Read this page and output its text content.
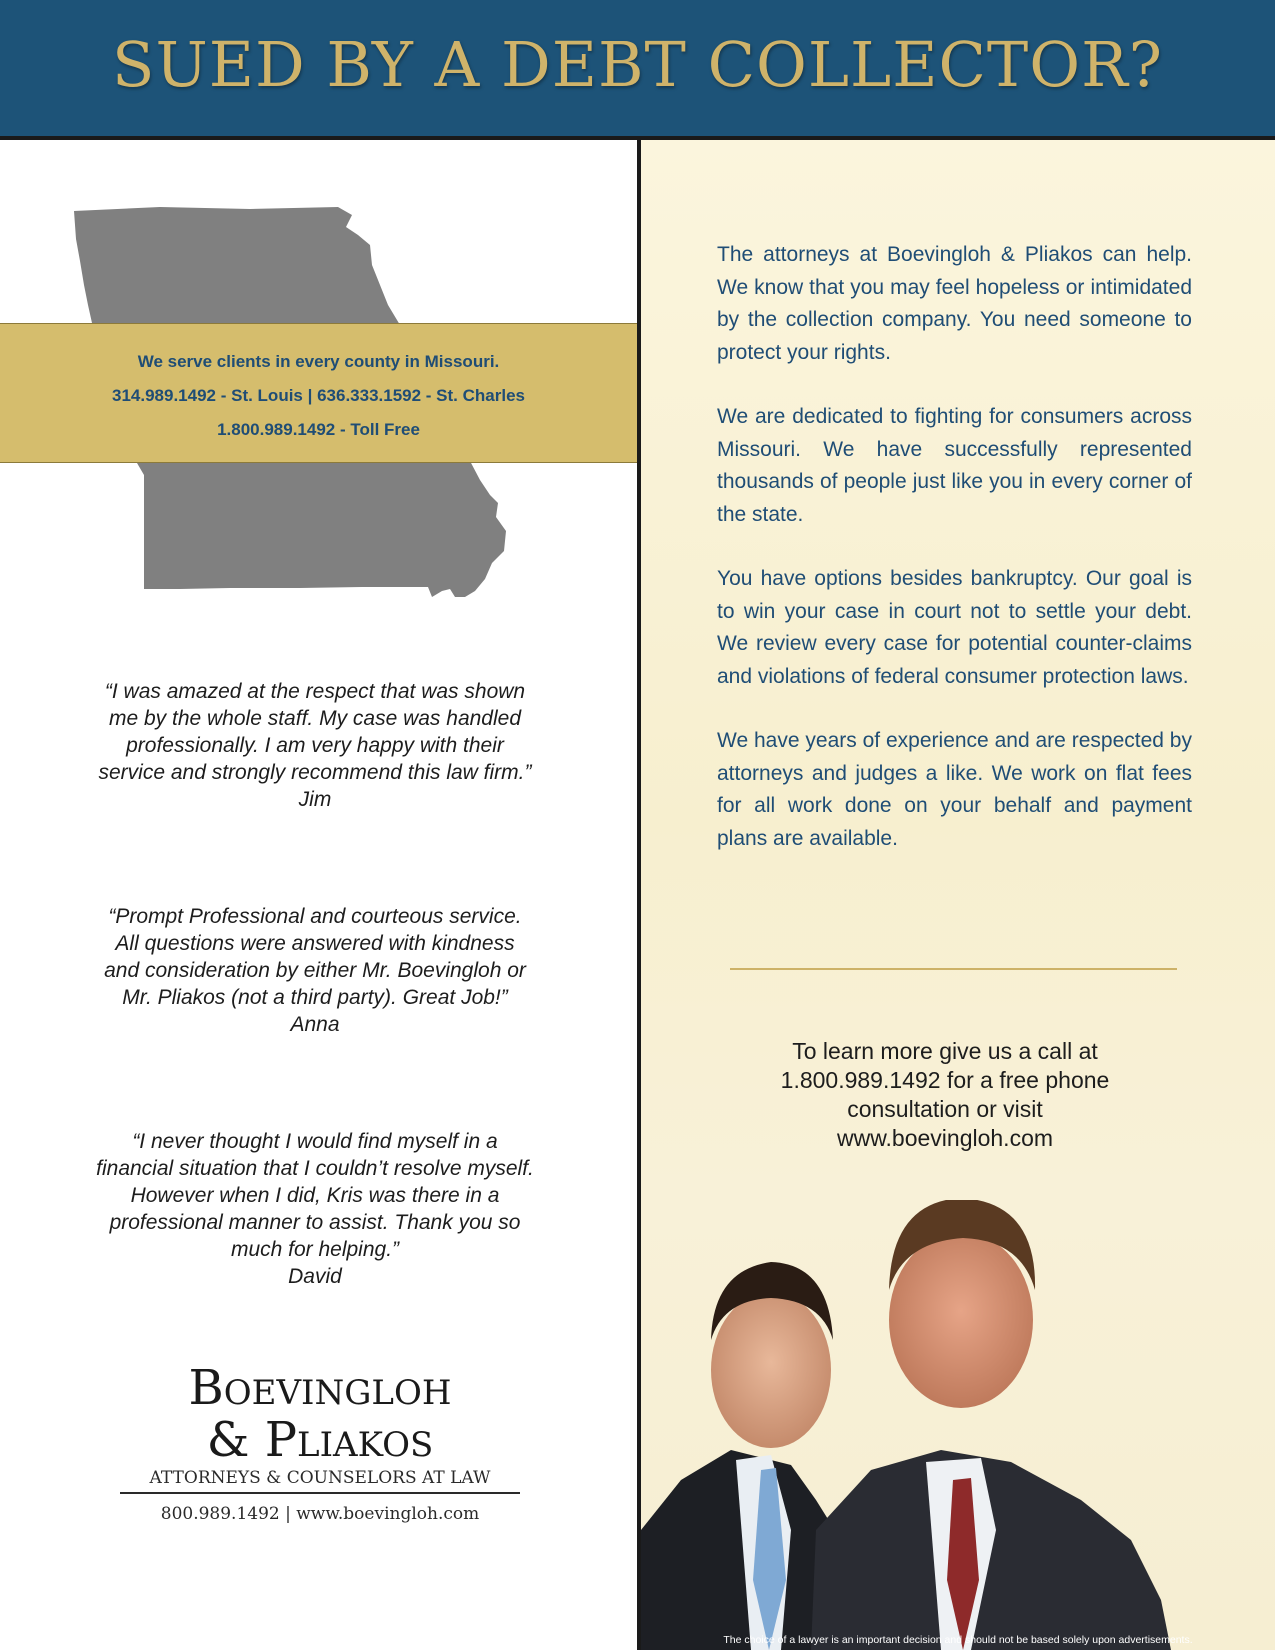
SUED BY A DEBT COLLECTOR?
We serve clients in every county in Missouri.
314.989.1492 - St. Louis | 636.333.1592 - St. Charles
1.800.989.1492 - Toll Free
“I was amazed at the respect that was shown me by the whole staff. My case was handled professionally. I am very happy with their service and strongly recommend this law firm.”
Jim
“Prompt Professional and courteous service. All questions were answered with kindness and consideration by either Mr. Boevingloh or Mr. Pliakos (not a third party). Great Job!”
Anna
“I never thought I would find myself in a financial situation that I couldn’t resolve myself. However when I did, Kris was there in a professional manner to assist. Thank you so much for helping.”
David
Boevingloh
& Pliakos
ATTORNEYS & COUNSELORS AT LAW
800.989.1492 | www.boevingloh.com

The attorneys at Boevingloh & Pliakos can help. We know that you may feel hopeless or intimidated by the collection company. You need someone to protect your rights.

We are dedicated to fighting for consumers across Missouri. We have successfully represented thousands of people just like you in every corner of the state.

You have options besides bankruptcy. Our goal is to win your case in court not to settle your debt. We review every case for potential counter-claims and violations of federal consumer protection laws.

We have years of experience and are respected by attorneys and judges a like. We work on flat fees for all work done on your behalf and payment plans are available.

To learn more give us a call at 1.800.989.1492 for a free phone consultation or visit www.boevingloh.com
The choice of a lawyer is an important decision and should not be based solely upon advertisements.
